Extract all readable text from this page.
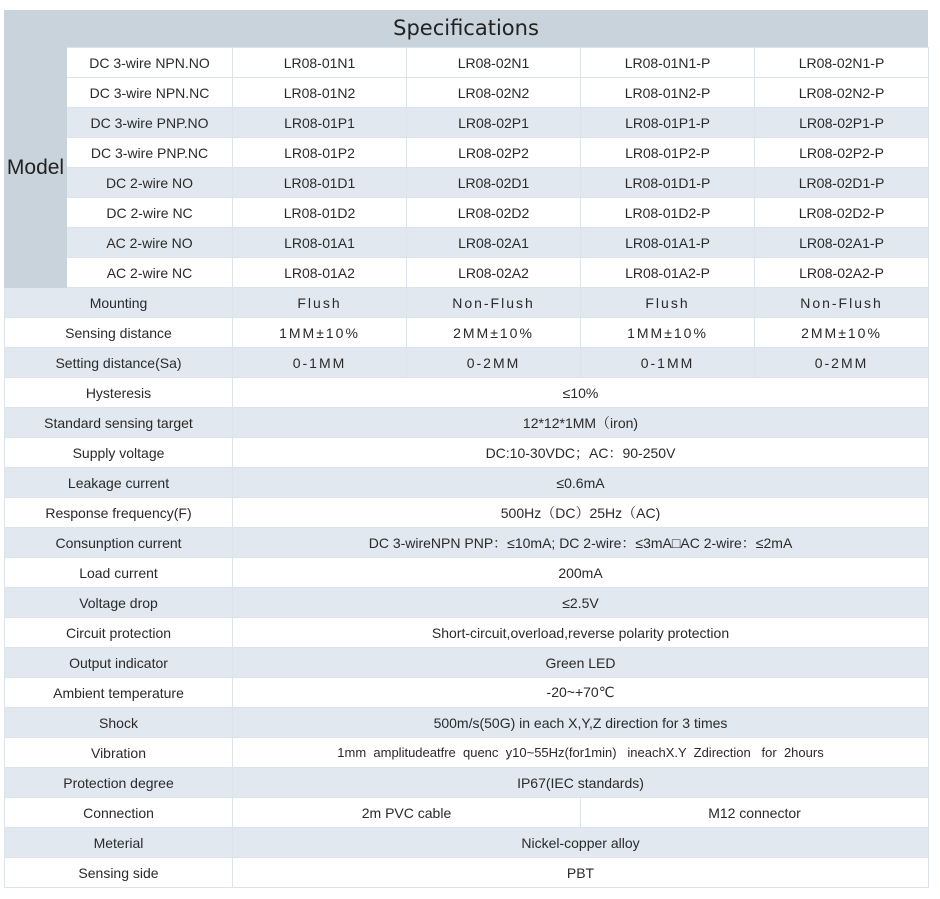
Specifications
Model	DC 3-wire NPN.NO	LR08-01N1	LR08-02N1	LR08-01N1-P	LR08-02N1-P
	DC 3-wire NPN.NC	LR08-01N2	LR08-02N2	LR08-01N2-P	LR08-02N2-P
	DC 3-wire PNP.NO	LR08-01P1	LR08-02P1	LR08-01P1-P	LR08-02P1-P
	DC 3-wire PNP.NC	LR08-01P2	LR08-02P2	LR08-01P2-P	LR08-02P2-P
	DC 2-wire NO	LR08-01D1	LR08-02D1	LR08-01D1-P	LR08-02D1-P
	DC 2-wire NC	LR08-01D2	LR08-02D2	LR08-01D2-P	LR08-02D2-P
	AC 2-wire NO	LR08-01A1	LR08-02A1	LR08-01A1-P	LR08-02A1-P
	AC 2-wire NC	LR08-01A2	LR08-02A2	LR08-01A2-P	LR08-02A2-P
Mounting		Flush	Non-Flush	Flush	Non-Flush
Sensing distance		1MM±10%	2MM±10%	1MM±10%	2MM±10%
Setting distance(Sa)		0-1MM	0-2MM	0-1MM	0-2MM
Hysteresis		≤10%			
Standard sensing target		12*12*1MM（iron)			
Supply voltage		DC:10-30VDC；AC：90-250V			
Leakage current		≤0.6mA			
Response frequency(F)		500Hz（DC）25Hz（AC)			
Consunption current		DC 3-wireNPN PNP：≤10mA; DC 2-wire：≤3mA□AC 2-wire：≤2mA			
Load current		200mA			
Voltage drop		≤2.5V			
Circuit protection		Short-circuit,overload,reverse polarity protection			
Output indicator		Green LED			
Ambient temperature		-20~+70℃			
Shock		500m/s(50G) in each X,Y,Z direction for 3 times			
Vibration		1mm  amplitudeatfre  quenc  y10~55Hz(for1min)   ineachX.Y  Zdirection   for  2hours			
Protection degree		IP67(IEC standards)			
Connection		2m PVC cable		M12 connector	
Meterial		Nickel-copper alloy			
Sensing side		PBT			
